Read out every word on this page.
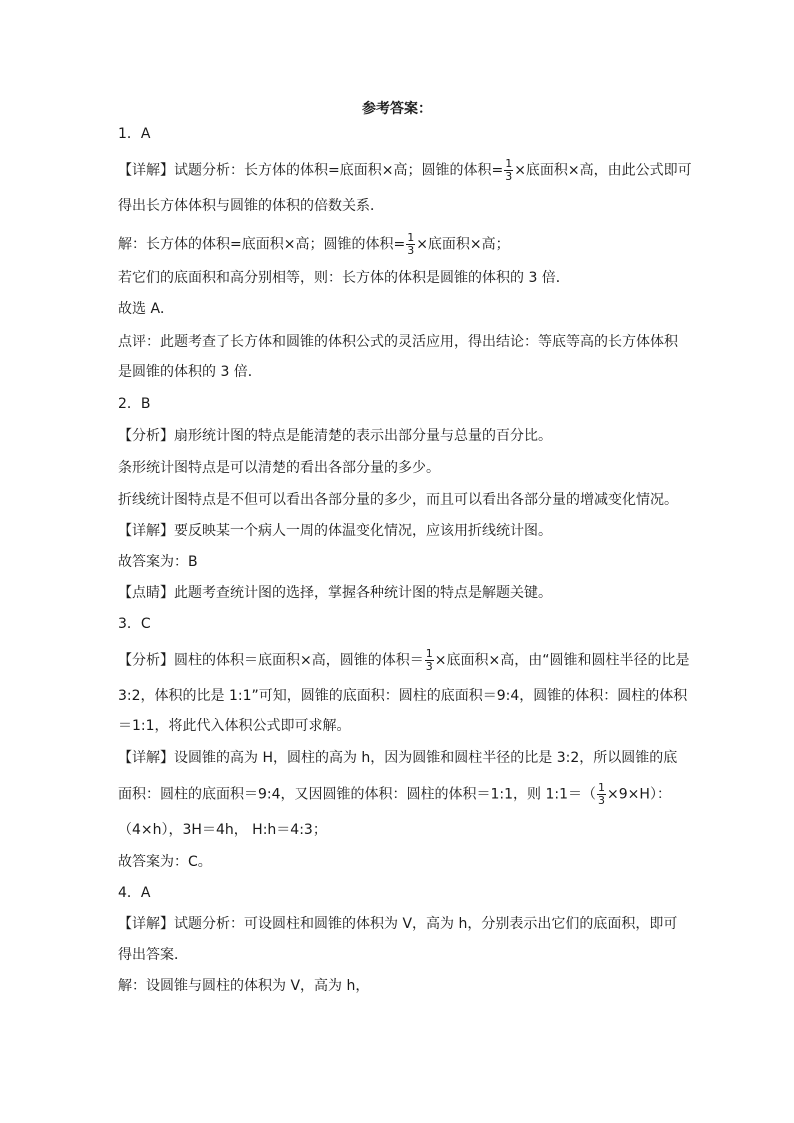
参考答案：
1．A
【详解】试题分析：长方体的体积=底面积×高；圆锥的体积= $\frac{1}{3}$ ×底面积×高，由此公式即可
得出长方体体积与圆锥的体积的倍数关系．
解：长方体的体积=底面积×高；圆锥的体积= $\frac{1}{3}$ ×底面积×高；
若它们的底面积和高分别相等，则：长方体的体积是圆锥的体积的 3 倍．
故选 A．
点评：此题考查了长方体和圆锥的体积公式的灵活应用，得出结论：等底等高的长方体体积
是圆锥的体积的 3 倍．
2．B
【分析】扇形统计图的特点是能清楚的表示出部分量与总量的百分比。
条形统计图特点是可以清楚的看出各部分量的多少。
折线统计图特点是不但可以看出各部分量的多少，而且可以看出各部分量的增减变化情况。
【详解】要反映某一个病人一周的体温变化情况，应该用折线统计图。
故答案为：B
【点睛】此题考查统计图的选择，掌握各种统计图的特点是解题关键。
3．C
【分析】圆柱的体积＝底面积×高，圆锥的体积＝ $\frac{1}{3}$ ×底面积×高，由“圆锥和圆柱半径的比是
3:2，体积的比是 1:1”可知，圆锥的底面积：圆柱的底面积＝9:4，圆锥的体积：圆柱的体积
＝1:1，将此代入体积公式即可求解。
【详解】设圆锥的高为 H，圆柱的高为 h，因为圆锥和圆柱半径的比是 3:2，所以圆锥的底
面积：圆柱的底面积＝9:4，又因圆锥的体积：圆柱的体积＝1:1，则 1:1＝（ $\frac{1}{3} \times 9\times H$）：
（4×h），3H＝4h， H:h＝4:3；
故答案为：C。
4．A
【详解】试题分析：可设圆柱和圆锥的体积为 V，高为 h，分别表示出它们的底面积，即可
得出答案．
解：设圆锥与圆柱的体积为 V，高为 h，
